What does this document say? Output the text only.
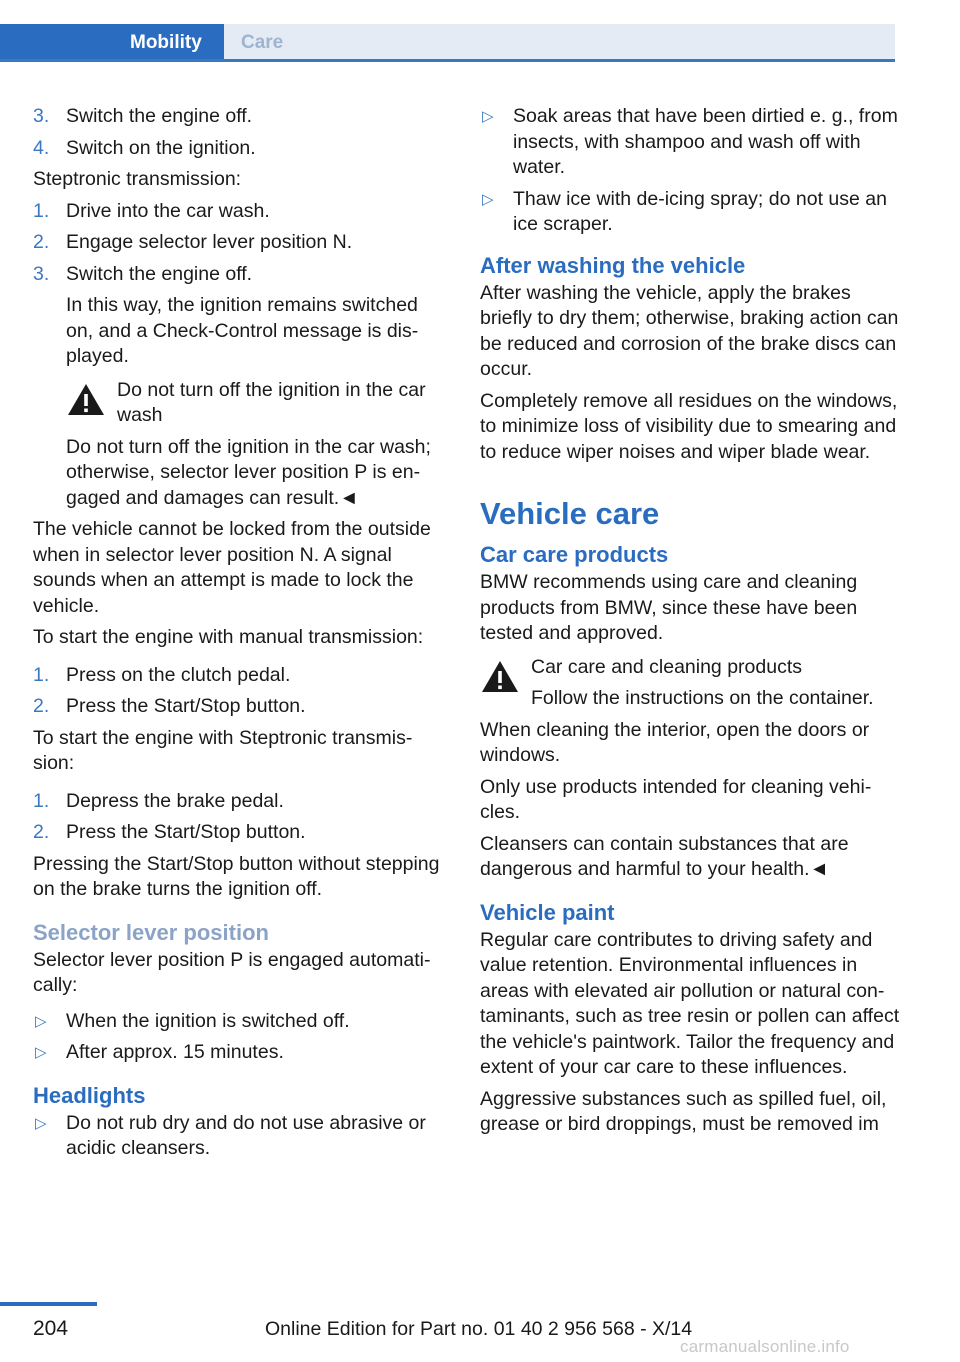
Mobility Care
3. Switch the engine off.
4. Switch on the ignition.

Steptronic transmission:

1. Drive into the car wash.
2. Engage selector lever position N.
3. Switch the engine off.
In this way, the ignition remains switched on, and a Check-Control message is displayed.
Do not turn off the ignition in the car wash
Do not turn off the ignition in the car wash; otherwise, selector lever position P is engaged and damages can result.◄

The vehicle cannot be locked from the outside when in selector lever position N. A signal sounds when an attempt is made to lock the vehicle.

To start the engine with manual transmission:

1. Press on the clutch pedal.
2. Press the Start/Stop button.

To start the engine with Steptronic transmission:

1. Depress the brake pedal.
2. Press the Start/Stop button.

Pressing the Start/Stop button without stepping on the brake turns the ignition off.

Selector lever position

Selector lever position P is engaged automatically:

▷ When the ignition is switched off.
▷ After approx. 15 minutes.
Headlights
▷ Do not rub dry and do not use abrasive or acidic cleansers.
▷ Soak areas that have been dirtied e. g., from insects, with shampoo and wash off with water.
▷ Thaw ice with de-icing spray; do not use an ice scraper.
After washing the vehicle

After washing the vehicle, apply the brakes briefly to dry them; otherwise, braking action can be reduced and corrosion of the brake discs can occur.

Completely remove all residues on the windows, to minimize loss of visibility due to smearing and to reduce wiper noises and wiper blade wear.

Vehicle care
Car care products

BMW recommends using care and cleaning products from BMW, since these have been tested and approved.

Car care and cleaning products
Follow the instructions on the container.

When cleaning the interior, open the doors or windows.

Only use products intended for cleaning vehicles.

Cleansers can contain substances that are dangerous and harmful to your health.◄

Vehicle paint

Regular care contributes to driving safety and value retention. Environmental influences in areas with elevated air pollution or natural contaminants, such as tree resin or pollen can affect the vehicle's paintwork. Tailor the frequency and extent of your car care to these influences.

Aggressive substances such as spilled fuel, oil, grease or bird droppings, must be removed im

204	Online Edition for Part no. 01 40 2 956 568 - X/14
carmanualsonline.info
